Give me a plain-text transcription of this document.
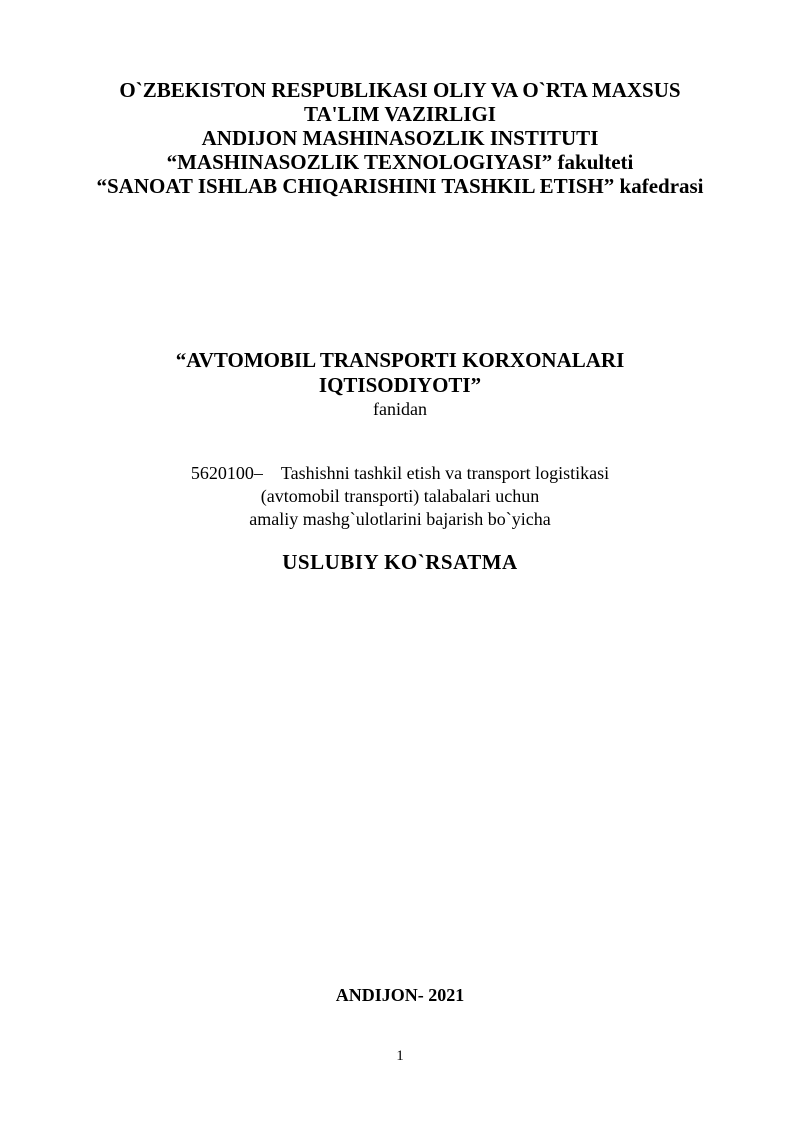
O`ZBEKISTON RESPUBLIKASI OLIY VA O`RTA MAXSUS
TA'LIM VAZIRLIGI
ANDIJON MASHINASOZLIK INSTITUTI
“MASHINASOZLIK TEXNOLOGIYASI” fakulteti
“SANOAT ISHLAB CHIQARISHINI TASHKIL ETISH” kafedrasi
“AVTOMOBIL TRANSPORTI KORXONALARI
IQTISODIYOTI”
fanidan
5620100– Tashishni tashkil etish va transport logistikasi
(avtomobil transporti) talabalari uchun
amaliy mashg`ulotlarini bajarish bo`yicha
USLUBIY KO`RSATMA
ANDIJON- 2021
1
